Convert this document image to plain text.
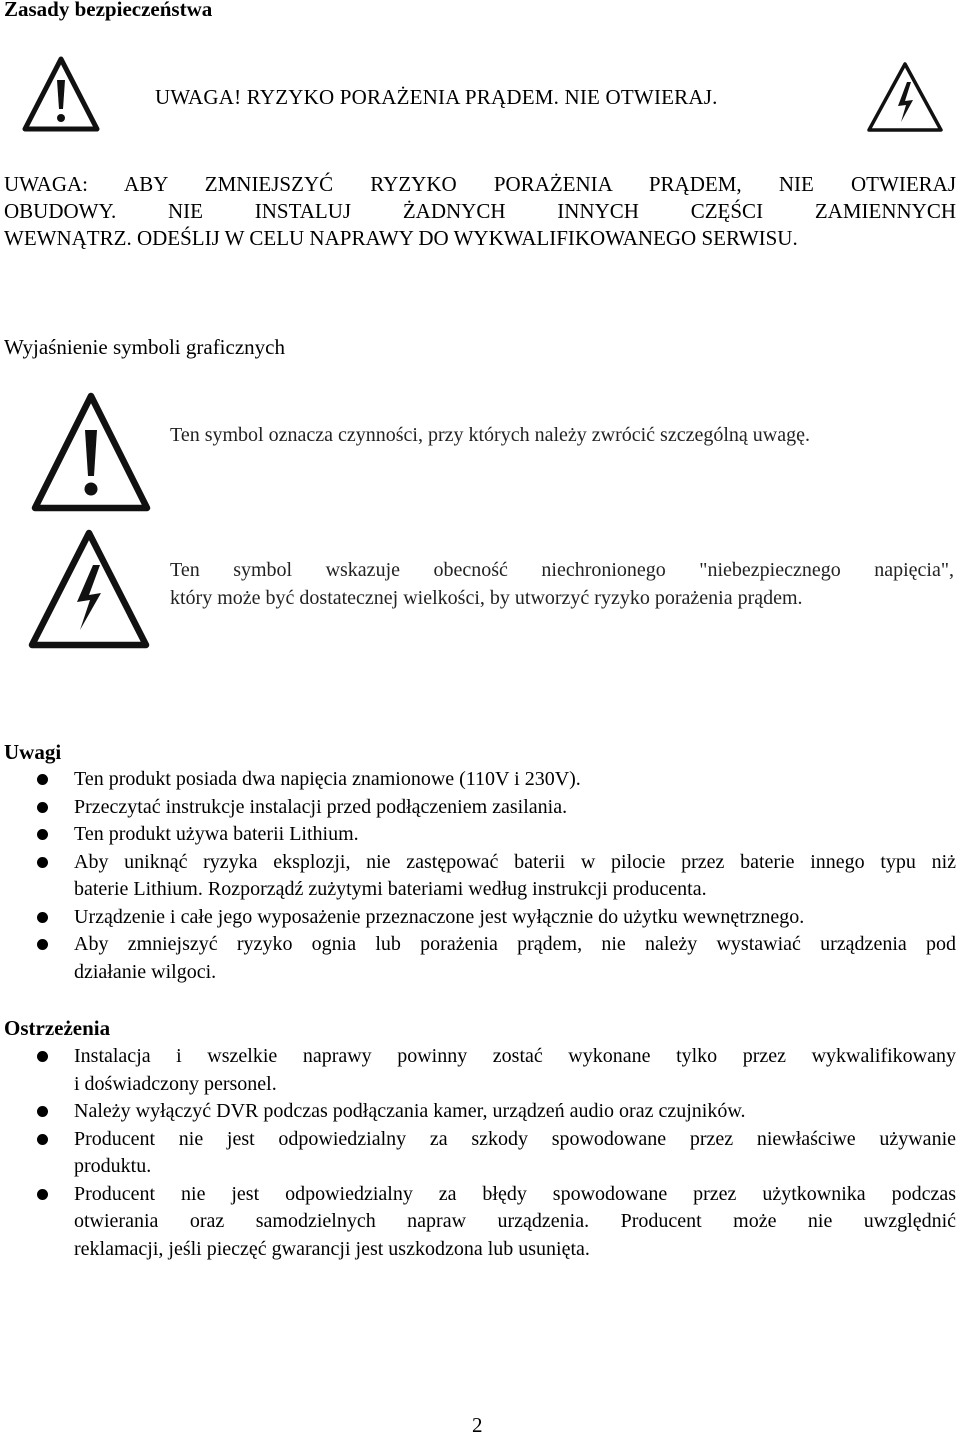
Zasady bezpieczeństwa
UWAGA! RYZYKO PORAŻENIA PRĄDEM. NIE OTWIERAJ.
UWAGA: ABY ZMNIEJSZYĆ RYZYKO PORAŻENIA PRĄDEM, NIE OTWIERAJ
OBUDOWY. NIE INSTALUJ ŻADNYCH INNYCH CZĘŚCI ZAMIENNYCH
WEWNĄTRZ. ODEŚLIJ W CELU NAPRAWY DO WYKWALIFIKOWANEGO SERWISU.
Wyjaśnienie symboli graficznych
Ten symbol oznacza czynności, przy których należy zwrócić szczególną uwagę.
Ten symbol wskazuje obecność niechronionego "niebezpiecznego napięcia",
który może być dostatecznej wielkości, by utworzyć ryzyko porażenia prądem.
Uwagi
Ten produkt posiada dwa napięcia znamionowe (110V i 230V).
Przeczytać instrukcje instalacji przed podłączeniem zasilania.
Ten produkt używa baterii Lithium.
Aby uniknąć ryzyka eksplozji, nie zastępować baterii w pilocie przez baterie innego typu niż
baterie Lithium. Rozporządź zużytymi bateriami według instrukcji producenta.
Urządzenie i całe jego wyposażenie przeznaczone jest wyłącznie do użytku wewnętrznego.
Aby zmniejszyć ryzyko ognia lub porażenia prądem, nie należy wystawiać urządzenia pod
działanie wilgoci.
Ostrzeżenia
Instalacja i wszelkie naprawy powinny zostać wykonane tylko przez wykwalifikowany
i doświadczony personel.
Należy wyłączyć DVR podczas podłączania kamer, urządzeń audio oraz czujników.
Producent nie jest odpowiedzialny za szkody spowodowane przez niewłaściwe używanie
produktu.
Producent nie jest odpowiedzialny za błędy spowodowane przez użytkownika podczas
otwierania oraz samodzielnych napraw urządzenia. Producent może nie uwzględnić
reklamacji, jeśli pieczęć gwarancji jest uszkodzona lub usunięta.
2
